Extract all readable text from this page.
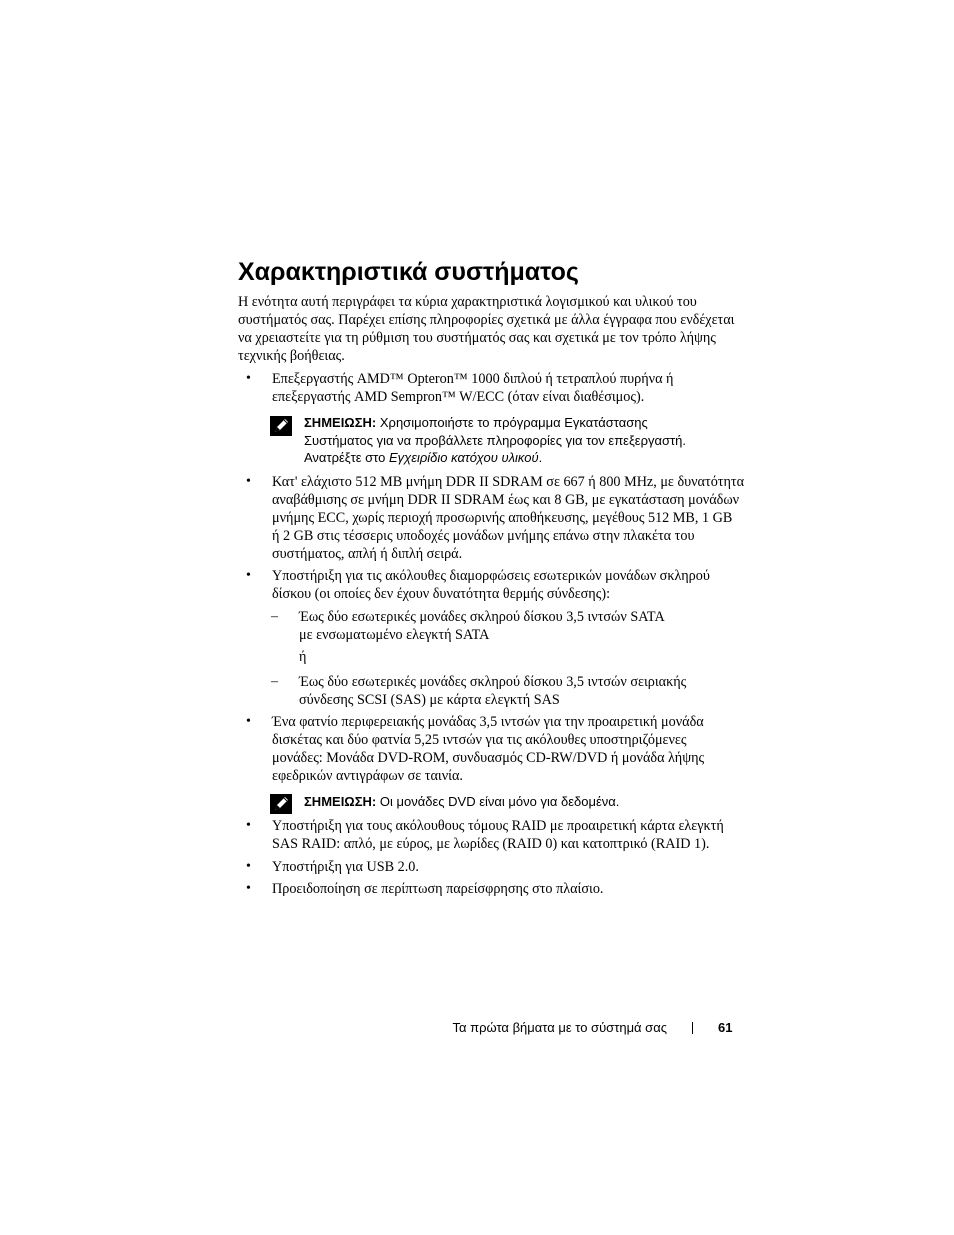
Χαρακτηριστικά συστήματος

Η ενότητα αυτή περιγράφει τα κύρια χαρακτηριστικά λογισμικού και υλικού του
συστήματός σας. Παρέχει επίσης πληροφορίες σχετικά με άλλα έγγραφα που ενδέχεται
να χρειαστείτε για τη ρύθμιση του συστήματός σας και σχετικά με τον τρόπο λήψης
τεχνικής βοήθειας.

• Επεξεργαστής AMD™ Opteron™ 1000 διπλού ή τετραπλού πυρήνα ή
επεξεργαστής AMD Sempron™ W/ECC (όταν είναι διαθέσιμος).

ΣΗΜΕΙΩΣΗ: Χρησιμοποιήστε το πρόγραμμα Εγκατάστασης
Συστήματος για να προβάλλετε πληροφορίες για τον επεξεργαστή.
Ανατρέξτε στο Εγχειρίδιο κατόχου υλικού.

• Κατ' ελάχιστο 512 MB μνήμη DDR II SDRAM σε 667 ή 800 MHz, με δυνατότητα
αναβάθμισης σε μνήμη DDR II SDRAM έως και 8 GB, με εγκατάσταση μονάδων
μνήμης ECC, χωρίς περιοχή προσωρινής αποθήκευσης, μεγέθους 512 MB, 1 GB
ή 2 GB στις τέσσερις υποδοχές μονάδων μνήμης επάνω στην πλακέτα του
συστήματος, απλή ή διπλή σειρά.

• Υποστήριξη για τις ακόλουθες διαμορφώσεις εσωτερικών μονάδων σκληρού
δίσκου (οι οποίες δεν έχουν δυνατότητα θερμής σύνδεσης):

– Έως δύο εσωτερικές μονάδες σκληρού δίσκου 3,5 ιντσών SATA
με ενσωματωμένο ελεγκτή SATA

ή

– Έως δύο εσωτερικές μονάδες σκληρού δίσκου 3,5 ιντσών σειριακής
σύνδεσης SCSI (SAS) με κάρτα ελεγκτή SAS

• Ένα φατνίο περιφερειακής μονάδας 3,5 ιντσών για την προαιρετική μονάδα
δισκέτας και δύο φατνία 5,25 ιντσών για τις ακόλουθες υποστηριζόμενες
μονάδες: Μονάδα DVD-ROM, συνδυασμός CD-RW/DVD ή μονάδα λήψης
εφεδρικών αντιγράφων σε ταινία.

ΣΗΜΕΙΩΣΗ: Οι μονάδες DVD είναι μόνο για δεδομένα.

• Υποστήριξη για τους ακόλουθους τόμους RAID με προαιρετική κάρτα ελεγκτή
SAS RAID: απλό, με εύρος, με λωρίδες (RAID 0) και κατοπτρικό (RAID 1).

• Υποστήριξη για USB 2.0.

• Προειδοποίηση σε περίπτωση παρείσφρησης στο πλαίσιο.

Τα πρώτα βήματα με το σύστημά σας	61
